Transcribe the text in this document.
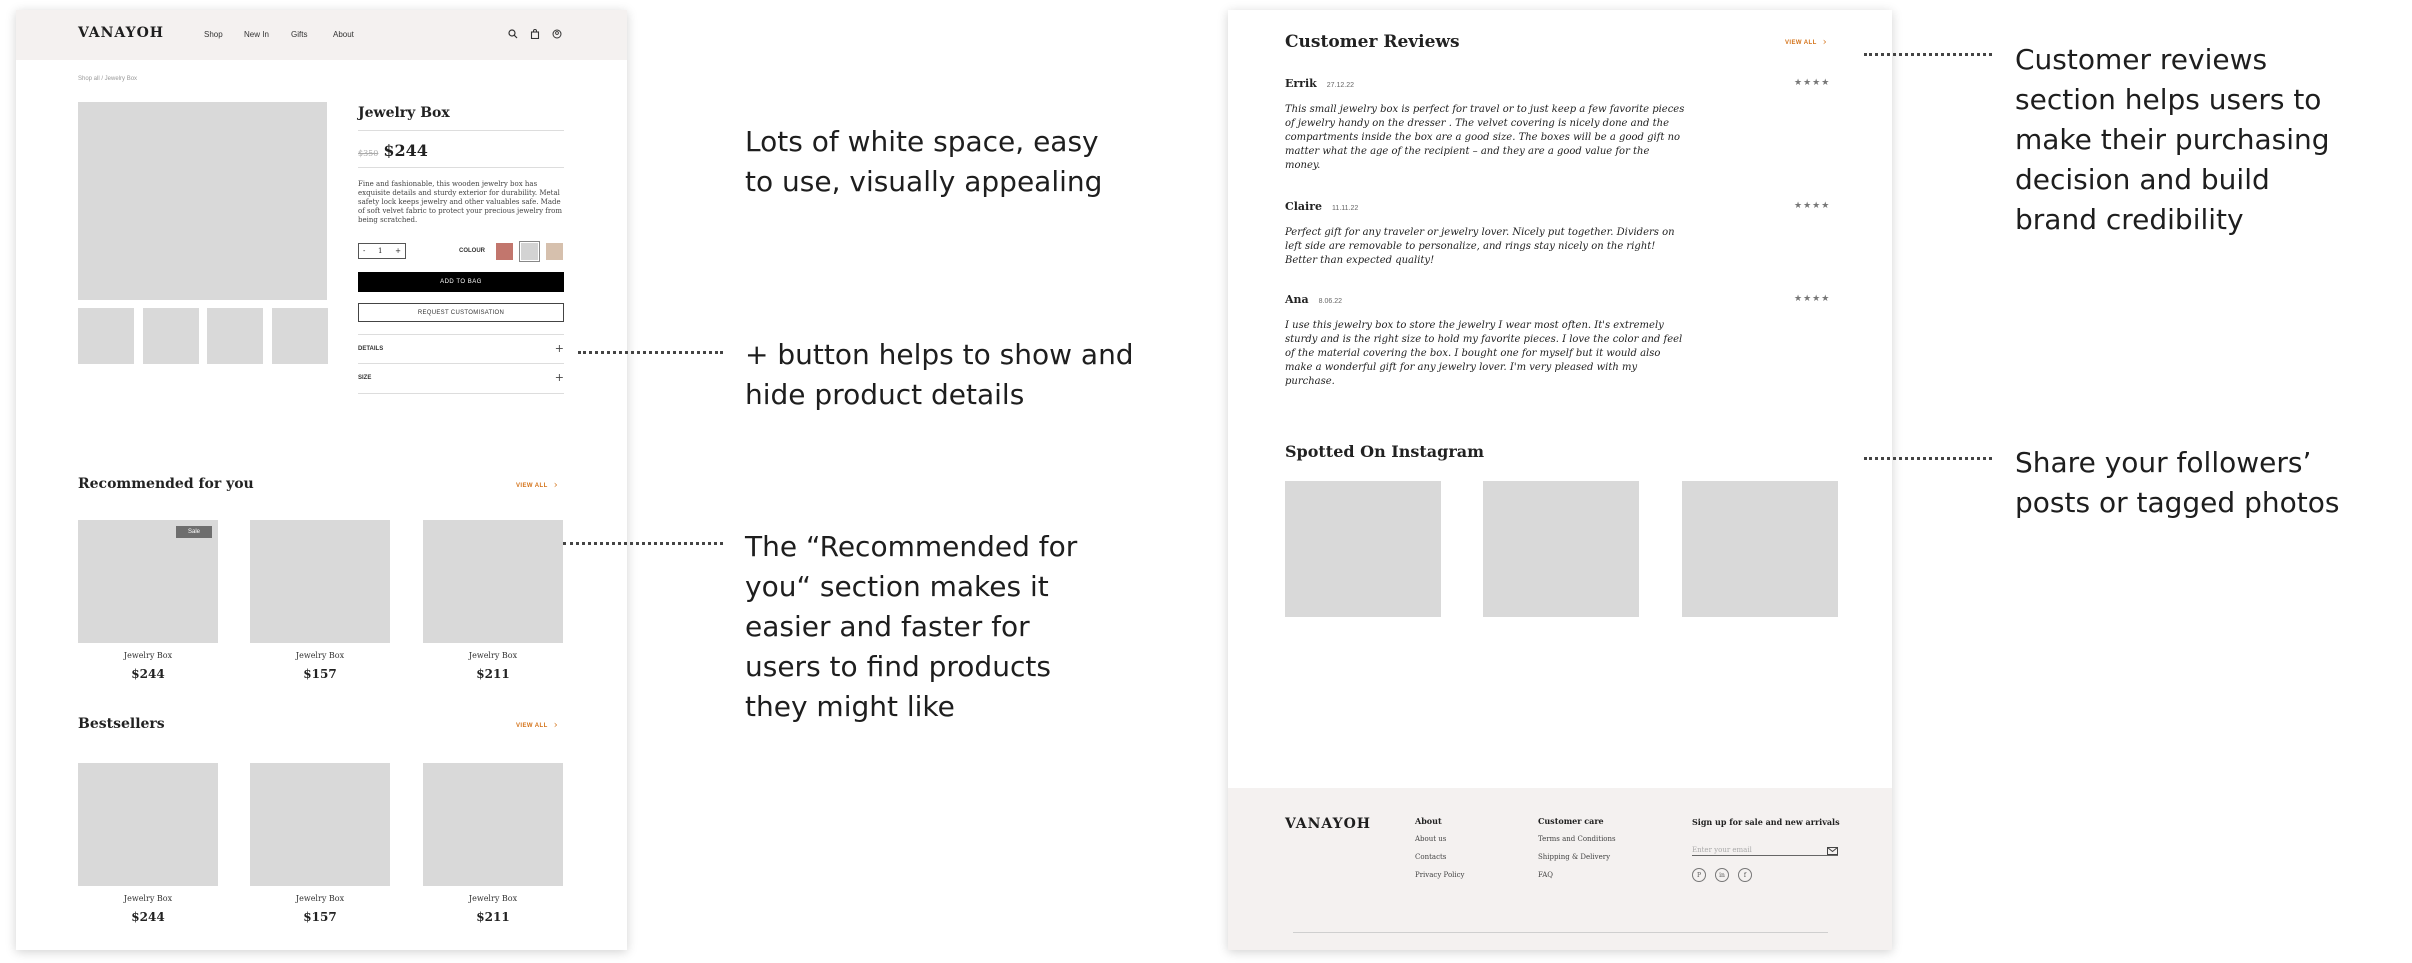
VANAYOH	Shop	New In	Gifts	About
Shop all / Jewelry Box
Jewelry Box
$350 $244
Fine and fashionable, this wooden jewelry box has exquisite details and sturdy exterior for durability. Metal safety lock keeps jewelry and other valuables safe. Made of soft velvet fabric to protect your precious jewelry from being scratched.
- 1 +	COLOUR
ADD TO BAG
REQUEST CUSTOMISATION
DETAILS	+
SIZE	+
Recommended for you	VIEW ALL ›
Sale
Jewelry Box
$244
Jewelry Box
$157
Jewelry Box
$211
Bestsellers	VIEW ALL ›
Jewelry Box
$244
Jewelry Box
$157
Jewelry Box
$211
Customer Reviews	VIEW ALL ›
Errik 27.12.22	★★★★
This small jewelry box is perfect for travel or to just keep a few favorite pieces of jewelry handy on the dresser . The velvet covering is nicely done and the compartments inside the box are a good size. The boxes will be a good gift no matter what the age of the recipient – and they are a good value for the money.
Claire 11.11.22	★★★★
Perfect gift for any traveler or jewelry lover. Nicely put together. Dividers on left side are removable to personalize, and rings stay nicely on the right! Better than expected quality!
Ana 8.06.22	★★★★
I use this jewelry box to store the jewelry I wear most often. It's extremely sturdy and is the right size to hold my favorite pieces. I love the color and feel of the material covering the box. I bought one for myself but it would also make a wonderful gift for any jewelry lover. I'm very pleased with my purchase.
Spotted On Instagram
VANAYOH	About
About us
Contacts
Privacy Policy
Customer care
Terms and Conditions
Shipping & Delivery
FAQ
Sign up for sale and new arrivals
Enter your email
P	in	f
Lots of white space, easy
to use, visually appealing
+ button helps to show and
hide product details
The “Recommended for
you“ section makes it
easier and faster for
users to find products
they might like
Customer reviews
section helps users to
make their purchasing
decision and build
brand credibility
Share your followers’
posts or tagged photos
